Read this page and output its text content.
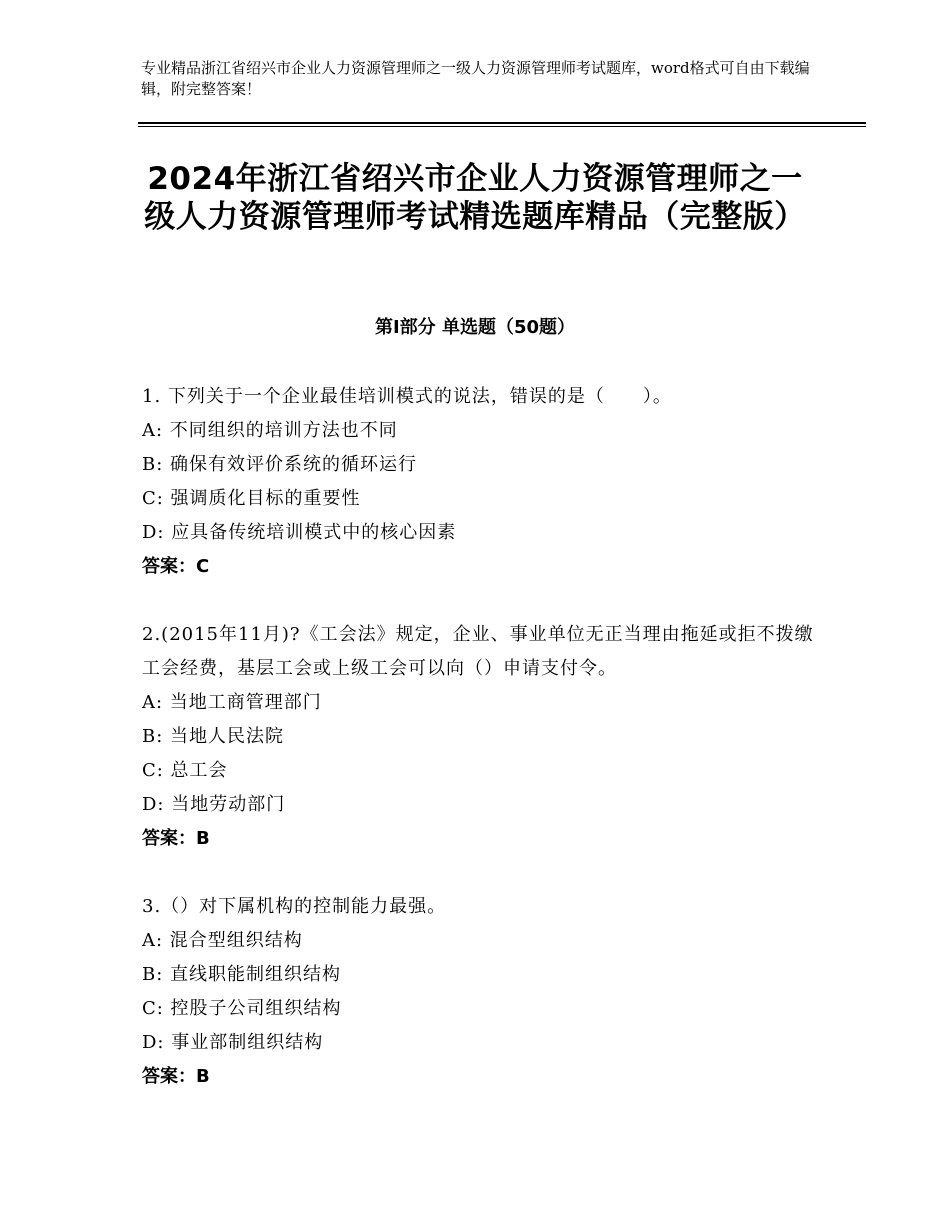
专业精品浙江省绍兴市企业人力资源管理师之一级人力资源管理师考试题库，word格式可自由下载编辑，附完整答案！
2024年浙江省绍兴市企业人力资源管理师之一级人力资源管理师考试精选题库精品（完整版）
第Ⅰ部分 单选题（50题）

1. 下列关于一个企业最佳培训模式的说法，错误的是（　　）。

A: 不同组织的培训方法也不同

B: 确保有效评价系统的循环运行

C: 强调质化目标的重要性

D: 应具备传统培训模式中的核心因素

答案：C

2.(2015年11月)?《工会法》规定，企业、事业单位无正当理由拖延或拒不拨缴工会经费，基层工会或上级工会可以向（）申请支付令。

A: 当地工商管理部门

B: 当地人民法院

C: 总工会

D: 当地劳动部门

答案：B

3.（）对下属机构的控制能力最强。

A: 混合型组织结构

B: 直线职能制组织结构

C: 控股子公司组织结构

D: 事业部制组织结构

答案：B
